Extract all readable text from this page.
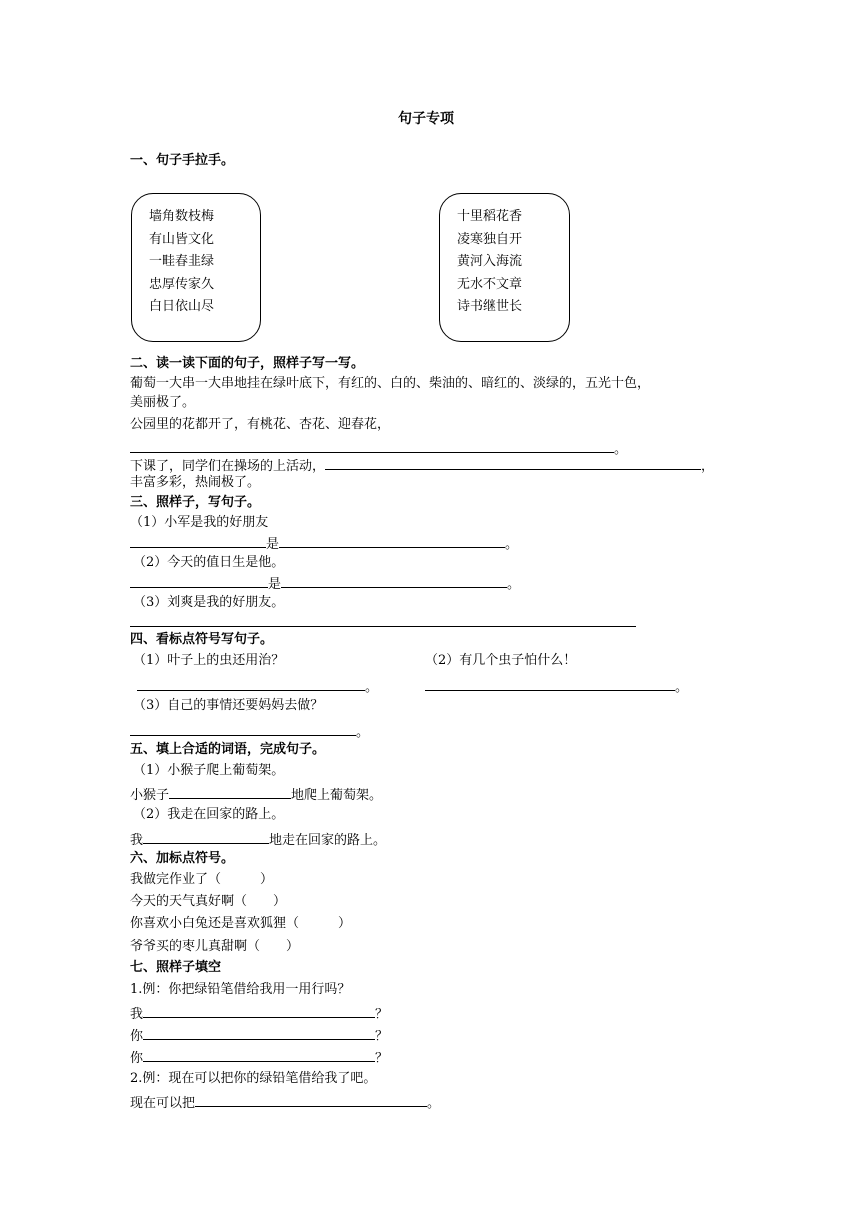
句子专项
一、句子手拉手。
墙角数枝梅
有山皆文化
一畦春韭绿
忠厚传家久
白日依山尽
十里稻花香
凌寒独自开
黄河入海流
无水不文章
诗书继世长
二、读一读下面的句子，照样子写一写。
葡萄一大串一大串地挂在绿叶底下，有红的、白的、柴油的、暗红的、淡绿的，五光十色，
美丽极了。
公园里的花都开了，有桃花、杏花、迎春花，
。
下课了，同学们在操场的上活动，	，
丰富多彩，热闹极了。
三、照样子，写句子。
（1）小军是我的好朋友
是	。
（2）今天的值日生是他。
是	。
（3）刘爽是我的好朋友。
四、看标点符号写句子。
（1）叶子上的虫还用治？	（2）有几个虫子怕什么！
。	。
（3）自己的事情还要妈妈去做？
。
五、填上合适的词语，完成句子。
（1）小猴子爬上葡萄架。
小猴子	地爬上葡萄架。
（2）我走在回家的路上。
我	地走在回家的路上。
六、加标点符号。
我做完作业了（　　　）
今天的天气真好啊（　　）
你喜欢小白兔还是喜欢狐狸（　　　）
爷爷买的枣儿真甜啊（　　）
七、照样子填空
1.例：你把绿铅笔借给我用一用行吗？
我	？
你	？
你	？
2.例：现在可以把你的绿铅笔借给我了吧。
现在可以把	。
